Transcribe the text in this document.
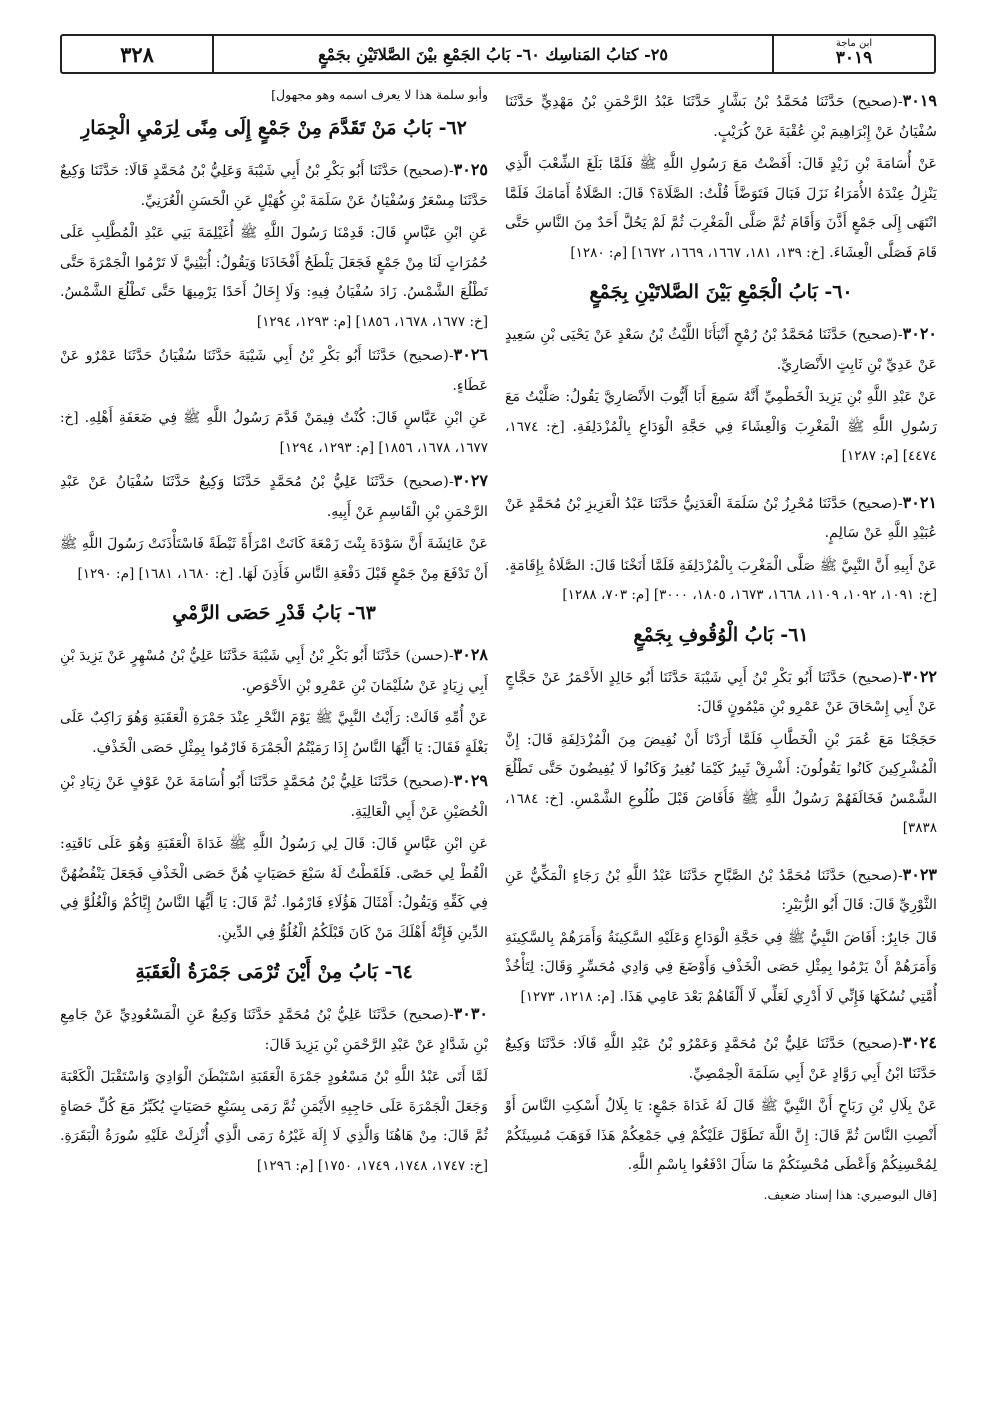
٣٢٨	٢٥- كتابُ المَناسِك ٦٠- بَابُ الجَمْعِ بيْنَ الصَّلاتَيْنِ بجَمْعٍ
ابن ماجة
٣٠١٩

٣٠١٩-(صحيح) حَدَّثَنَا مُحَمَّدُ بْنُ بَشَّارٍ حَدَّثَنَا عَبْدُ الرَّحْمَنِ بْنُ مَهْدِيٍّ حَدَّثَنَا سُفْيَانُ عَنْ إِبْرَاهِيمَ بْنِ عُقْبَةَ عَنْ كُرَيْبٍ.

عَنْ أُسَامَةَ بْنِ زَيْدٍ قَالَ: أَفَضْتُ مَعَ رَسُولِ اللَّهِ ﷺ فَلَمَّا بَلَغَ الشِّعْبَ الَّذِي يَنْزِلُ عِنْدَهُ الأُمَرَاءُ نَزَلَ فَبَالَ فَتَوَضَّأَ قُلْتُ: الصَّلَاةَ؟ قَالَ: الصَّلَاةُ أَمَامَكَ فَلَمَّا انْتَهَى إِلَى جَمْعٍ أَذَّنَ وَأَقَامَ ثُمَّ صَلَّى الْمَغْرِبَ ثُمَّ لَمْ يَحُلَّ أَحَدٌ مِنَ النَّاسِ حَتَّى قَامَ فَصَلَّى الْعِشَاءَ. [خ: ١٣٩، ١٨١، ١٦٦٧، ١٦٦٩، ١٦٧٢] [م: ١٢٨٠]

٦٠- بَابُ الْجَمْعِ بَيْنَ الصَّلاتَيْنِ بِجَمْعٍ

٣٠٢٠-(صحيح) حَدَّثَنَا مُحَمَّدُ بْنُ رُمْحٍ أَنْبَأَنَا اللَّيْثُ بْنُ سَعْدٍ عَنْ يَحْيَى بْنِ سَعِيدٍ عَنْ عَدِيِّ بْنِ ثَابِتٍ الأَنْصَارِيِّ.

عَنْ عَبْدِ اللَّهِ بْنِ يَزِيدَ الْخَطْمِيِّ أَنَّهُ سَمِعَ أَبَا أَيُّوبَ الأَنْصَارِيَّ يَقُولُ: صَلَّيْتُ مَعَ رَسُولِ اللَّهِ ﷺ الْمَغْرِبَ وَالْعِشَاءَ فِي حَجَّةِ الْوَدَاعِ بِالْمُزْدَلِفَةِ. [خ: ١٦٧٤، ٤٤٧٤] [م: ١٢٨٧]

٣٠٢١-(صحيح) حَدَّثَنَا مُحْرِزُ بْنُ سَلَمَةَ الْعَدَنِيُّ حَدَّثَنَا عَبْدُ الْعَزِيزِ بْنُ مُحَمَّدٍ عَنْ عُبَيْدِ اللَّهِ عَنْ سَالِمٍ.

عَنْ أَبِيهِ أَنَّ النَّبِيَّ ﷺ صَلَّى الْمَغْرِبَ بِالْمُزْدَلِفَةِ فَلَمَّا أَنَخْنَا قَالَ: الصَّلَاةُ بِإِقَامَةٍ. [خ: ١٠٩١، ١٠٩٢، ١١٠٩، ١٦٦٨، ١٦٧٣، ١٨٠٥، ٣٠٠٠] [م: ٧٠٣، ١٢٨٨]

٦١- بَابُ الْوُقُوفِ بِجَمْعٍ

٣٠٢٢-(صحيح) حَدَّثَنَا أَبُو بَكْرِ بْنُ أَبِي شَيْبَةَ حَدَّثَنَا أَبُو خَالِدٍ الأَحْمَرُ عَنْ حَجَّاجٍ عَنْ أَبِي إِسْحَاقَ عَنْ عَمْرِو بْنِ مَيْمُونٍ قَالَ:

حَجَجْنَا مَعَ عُمَرَ بْنِ الْخَطَّابِ فَلَمَّا أَرَدْنَا أَنْ نُفِيضَ مِنَ الْمُزْدَلِفَةِ قَالَ: إِنَّ الْمُشْرِكِينَ كَانُوا يَقُولُونَ: أَشْرِقْ ثَبِيرُ كَيْمَا نُغِيرُ وَكَانُوا لَا يُفِيضُونَ حَتَّى تَطْلُعَ الشَّمْسُ فَخَالَفَهُمْ رَسُولُ اللَّهِ ﷺ فَأَفَاضَ قَبْلَ طُلُوعِ الشَّمْسِ. [خ: ١٦٨٤، ٣٨٣٨]

٣٠٢٣-(صحيح) حَدَّثَنَا مُحَمَّدُ بْنُ الصَّبَّاحِ حَدَّثَنَا عَبْدُ اللَّهِ بْنُ رَجَاءٍ الْمَكِّيُّ عَنِ الثَّوْرِيِّ قَالَ: قَالَ أَبُو الزُّبَيْرِ:

قَالَ جَابِرٌ: أَفَاضَ النَّبِيُّ ﷺ فِي حَجَّةِ الْوَدَاعِ وَعَلَيْهِ السَّكِينَةُ وَأَمَرَهُمْ بِالسَّكِينَةِ وَأَمَرَهُمْ أَنْ يَرْمُوا بِمِثْلِ حَصَى الْخَذْفِ وَأَوْضَعَ فِي وَادِي مُحَسِّرٍ وَقَالَ: لِتَأْخُذْ أُمَّتِي نُسُكَهَا فَإِنِّي لَا أَدْرِي لَعَلِّي لَا أَلْقَاهُمْ بَعْدَ عَامِي هَذَا. [م: ١٢١٨، ١٢٧٣]

٣٠٢٤-(صحيح) حَدَّثَنَا عَلِيُّ بْنُ مُحَمَّدٍ وَعَمْرُو بْنُ عَبْدِ اللَّهِ قَالَا: حَدَّثَنَا وَكِيعٌ حَدَّثَنَا ابْنُ أَبِي رَوَّادٍ عَنْ أَبِي سَلَمَةَ الْحِمْصِيِّ.

عَنْ بِلَالِ بْنِ رَبَاحٍ أَنَّ النَّبِيَّ ﷺ قَالَ لَهُ غَدَاةَ جَمْعٍ: يَا بِلَالُ أَسْكِتِ النَّاسَ أَوْ أَنْصِتِ النَّاسَ ثُمَّ قَالَ: إِنَّ اللَّهَ تَطَوَّلَ عَلَيْكُمْ فِي جَمْعِكُمْ هَذَا فَوَهَبَ مُسِيئَكُمْ لِمُحْسِنِكُمْ وَأَعْطَى مُحْسِنَكُمْ مَا سَأَلَ ادْفَعُوا بِاسْمِ اللَّهِ.

[قال البوصيري: هذا إسناد ضعيف.

وأبو سلمة هذا لا يعرف اسمه وهو مجهول]

٦٢- بَابُ مَنْ تَقَدَّمَ مِنْ جَمْعٍ إِلَى مِنًى لِرَمْيِ الْجِمَارِ

٣٠٢٥-(صحيح) حَدَّثَنَا أَبُو بَكْرِ بْنُ أَبِي شَيْبَةَ وَعَلِيُّ بْنُ مُحَمَّدٍ قَالَا: حَدَّثَنَا وَكِيعٌ حَدَّثَنَا مِسْعَرٌ وَسُفْيَانُ عَنْ سَلَمَةَ بْنِ كُهَيْلٍ عَنِ الْحَسَنِ الْعُرَنِيِّ.

عَنِ ابْنِ عَبَّاسٍ قَالَ: قَدِمْنَا رَسُولَ اللَّهِ ﷺ أُغَيْلِمَةَ بَنِي عَبْدِ الْمُطَّلِبِ عَلَى حُمُرَاتٍ لَنَا مِنْ جَمْعٍ فَجَعَلَ يَلْطَحُ أَفْخَاذَنَا وَيَقُولُ: أُبَيْنِيَّ لَا تَرْمُوا الْجَمْرَةَ حَتَّى تَطْلُعَ الشَّمْسُ. زَادَ سُفْيَانُ فِيهِ: وَلَا إِخَالُ أَحَدًا يَرْمِيهَا حَتَّى تَطْلُعَ الشَّمْسُ. [خ: ١٦٧٧، ١٦٧٨، ١٨٥٦] [م: ١٢٩٣، ١٢٩٤]

٣٠٢٦-(صحيح) حَدَّثَنَا أَبُو بَكْرِ بْنُ أَبِي شَيْبَةَ حَدَّثَنَا سُفْيَانُ حَدَّثَنَا عَمْرٌو عَنْ عَطَاءٍ.

عَنِ ابْنِ عَبَّاسٍ قَالَ: كُنْتُ فِيمَنْ قَدَّمَ رَسُولُ اللَّهِ ﷺ فِي ضَعَفَةِ أَهْلِهِ. [خ: ١٦٧٧، ١٦٧٨، ١٨٥٦] [م: ١٢٩٣، ١٢٩٤]

٣٠٢٧-(صحيح) حَدَّثَنَا عَلِيُّ بْنُ مُحَمَّدٍ حَدَّثَنَا وَكِيعٌ حَدَّثَنَا سُفْيَانُ عَنْ عَبْدِ الرَّحْمَنِ بْنِ الْقَاسِمِ عَنْ أَبِيهِ.

عَنْ عَائِشَةَ أَنَّ سَوْدَةَ بِنْتَ زَمْعَةَ كَانَتْ امْرَأَةً ثَبْطَةً فَاسْتَأْذَنَتْ رَسُولَ اللَّهِ ﷺ أَنْ تَدْفَعَ مِنْ جَمْعٍ قَبْلَ دَفْعَةِ النَّاسِ فَأَذِنَ لَهَا. [خ: ١٦٨٠، ١٦٨١] [م: ١٢٩٠]

٦٣- بَابُ قَدْرِ حَصَى الرَّمْيِ

٣٠٢٨-(حسن) حَدَّثَنَا أَبُو بَكْرِ بْنُ أَبِي شَيْبَةَ حَدَّثَنَا عَلِيُّ بْنُ مُسْهِرٍ عَنْ يَزِيدَ بْنِ أَبِي زِيَادٍ عَنْ سُلَيْمَانَ بْنِ عَمْرِو بْنِ الأَحْوَصِ.

عَنْ أُمِّهِ قَالَتْ: رَأَيْتُ النَّبِيَّ ﷺ يَوْمَ النَّحْرِ عِنْدَ جَمْرَةِ الْعَقَبَةِ وَهُوَ رَاكِبٌ عَلَى بَغْلَةٍ فَقَالَ: يَا أَيُّهَا النَّاسُ إِذَا رَمَيْتُمُ الْجَمْرَةَ فَارْمُوا بِمِثْلِ حَصَى الْخَذْفِ.

٣٠٢٩-(صحيح) حَدَّثَنَا عَلِيُّ بْنُ مُحَمَّدٍ حَدَّثَنَا أَبُو أُسَامَةَ عَنْ عَوْفٍ عَنْ زِيَادِ بْنِ الْحُصَيْنِ عَنْ أَبِي الْعَالِيَةِ.

عَنِ ابْنِ عَبَّاسٍ قَالَ: قَالَ لِي رَسُولُ اللَّهِ ﷺ غَدَاةَ الْعَقَبَةِ وَهُوَ عَلَى نَاقَتِهِ: الْقُطْ لِي حَصًى. فَلَقَطْتُ لَهُ سَبْعَ حَصَيَاتٍ هُنَّ حَصَى الْخَذْفِ فَجَعَلَ يَنْفُضُهُنَّ فِي كَفِّهِ وَيَقُولُ: أَمْثَالَ هَؤُلَاءِ فَارْمُوا. ثُمَّ قَالَ: يَا أَيُّهَا النَّاسُ إِيَّاكُمْ وَالْغُلُوَّ فِي الدِّينِ فَإِنَّهُ أَهْلَكَ مَنْ كَانَ قَبْلَكُمُ الْغُلُوُّ فِي الدِّينِ.

٦٤- بَابُ مِنْ أَيْنَ تُرْمَى جَمْرَةُ الْعَقَبَةِ

٣٠٣٠-(صحيح) حَدَّثَنَا عَلِيُّ بْنُ مُحَمَّدٍ حَدَّثَنَا وَكِيعٌ عَنِ الْمَسْعُودِيِّ عَنْ جَامِعِ بْنِ شَدَّادٍ عَنْ عَبْدِ الرَّحْمَنِ بْنِ يَزِيدَ قَالَ:

لَمَّا أَتَى عَبْدُ اللَّهِ بْنُ مَسْعُودٍ جَمْرَةَ الْعَقَبَةِ اسْتَبْطَنَ الْوَادِيَ وَاسْتَقْبَلَ الْكَعْبَةَ وَجَعَلَ الْجَمْرَةَ عَلَى حَاجِبِهِ الأَيْمَنِ ثُمَّ رَمَى بِسَبْعِ حَصَيَاتٍ يُكَبِّرُ مَعَ كُلِّ حَصَاةٍ ثُمَّ قَالَ: مِنْ هَاهُنَا وَالَّذِي لَا إِلَهَ غَيْرُهُ رَمَى الَّذِي أُنْزِلَتْ عَلَيْهِ سُورَةُ الْبَقَرَةِ. [خ: ١٧٤٧، ١٧٤٨، ١٧٤٩، ١٧٥٠] [م: ١٢٩٦]
